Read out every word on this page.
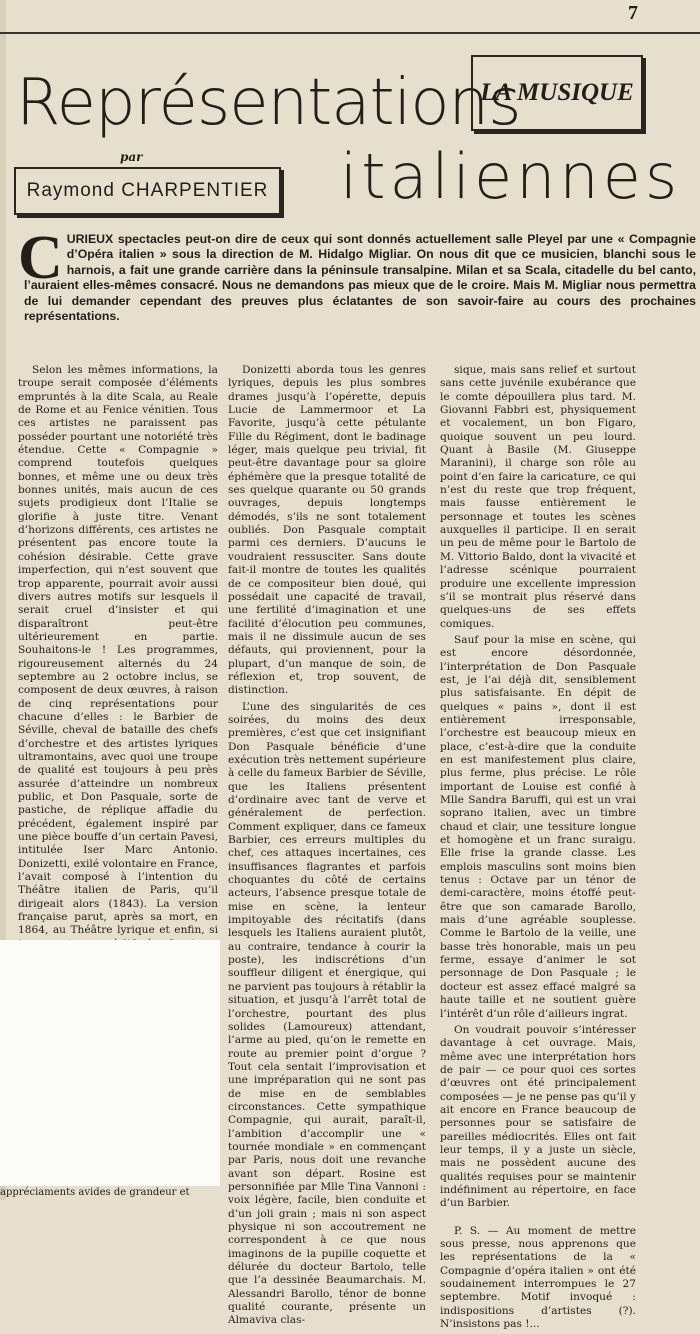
7
Représentations
LA MUSIQUE
par
Raymond CHARPENTIER italiennes

CURIEUX spectacles peut-on dire de ceux qui sont donnés actuellement salle Pleyel par une « Compagnie d’Opéra italien » sous la direction de M. Hidalgo Migliar. On nous dit que ce musicien, blanchi sous le harnois, a fait une grande carrière dans la péninsule transalpine. Milan et sa Scala, citadelle du bel canto, l’auraient elles-mêmes consacré. Nous ne demandons pas mieux que de le croire. Mais M. Migliar nous permettra de lui demander cependant des preuves plus éclatantes de son savoir-faire au cours des prochaines représentations.

Selon les mêmes informations, la troupe serait composée d’éléments empruntés à la dite Scala, au Reale de Rome et au Fenice vénitien. Tous ces artistes ne paraissent pas posséder pourtant une notoriété très étendue. Cette « Compagnie » comprend toutefois quelques bonnes, et même une ou deux très bonnes unités, mais aucun de ces sujets prodigieux dont l’Italie se glorifie à juste titre. Venant d’horizons différents, ces artistes ne présentent pas encore toute la cohésion désirable. Cette grave imperfection, qui n’est souvent que trop apparente, pourrait avoir aussi divers autres motifs sur lesquels il serait cruel d’insister et qui disparaîtront peut-être ultérieurement en partie. Souhaitons-le ! Les programmes, rigoureusement alternés du 24 septembre au 2 octobre inclus, se composent de deux œuvres, à raison de cinq représentations pour chacune d’elles : le Barbier de Séville, cheval de bataille des chefs d’orchestre et des artistes lyriques ultramontains, avec quoi une troupe de qualité est toujours à peu près assurée d’atteindre un nombreux public, et Don Pasquale, sorte de pastiche, de réplique affadie du précédent, également inspiré par une pièce bouffe d’un certain Pavesi, intitulée Iser Marc Antonio. Donizetti, exilé volontaire en France, l’avait composé à l’intention du Théâtre italien de Paris, qu’il dirigeait alors (1843). La version française parut, après sa mort, en 1864, au Théâtre lyrique et enfin, si

Donizetti aborda tous les genres lyriques, depuis les plus sombres drames jusqu’à l’opérette, depuis Lucie de Lammermoor et La Favorite, jusqu’à cette pétulante Fille du Régiment, dont le badinage léger, mais quelque peu trivial, fit peut-être davantage pour sa gloire éphémère que la presque totalité de ses quelque quarante ou 50 grands ouvrages, depuis longtemps démodés, s’ils ne sont totalement oubliés. Don Pasquale comptait parmi ces derniers. D’aucuns le voudraient ressusciter. Sans doute fait-il montre de toutes les qualités de ce compositeur bien doué, qui possédait une capacité de travail, une fertilité d’imagination et une facilité d’élocution peu communes, mais il ne dissimule aucun de ses défauts, qui proviennent, pour la plupart, d’un manque de soin, de réflexion et, trop souvent, de distinction.

L’une des singularités de ces soirées, du moins des deux premières, c’est que cet insignifiant Don Pasquale bénéficie d’une exécution très nettement supérieure à celle du fameux Barbier de Séville, que les Italiens présentent d’ordinaire avec tant de verve et généralement de perfection. Comment expliquer, dans ce fameux Barbier, ces erreurs multiples du chef, ces attaques incertaines, ces insuffisances flagrantes et parfois choquantes du côté de certains acteurs, l’absence presque totale de mise en scène, la lenteur impitoyable des récitatifs (dans lesquels les Italiens auraient plutôt, au contraire, tendance à courir la poste), les indiscrétions d’un souffleur diligent et énergique, qui ne parvient pas toujours à rétablir la situation, et jusqu’à l’arrêt total de l’orchestre, pourtant des plus solides (Lamoureux) attendant, l’arme au pied, qu’on le remette en route au premier point d’orgue ? Tout cela sentait l’improvisation et une impréparation qui ne sont pas de mise en de semblables circonstances. Cette sympathique Compagnie, qui aurait, paraît-il, l’ambition d’accomplir une « tournée mondiale » en commençant par Paris, nous doit une revanche avant son départ. Rosine est personnifiée par Mlle Tina Vannoni : voix légère, facile, bien conduite et d’un joli grain ; mais ni son aspect physique ni son accoutrement ne correspondent à ce que nous imaginons de la pupille coquette et délurée du docteur Bartolo, telle que l’a dessinée Beaumarchais. M. Alessandri Barollo, ténor de bonne qualité courante, présente un Almaviva clas-

sique, mais sans relief et surtout sans cette juvénile exubérance que le comte dépouillera plus tard. M. Giovanni Fabbri est, physiquement et vocalement, un bon Figaro, quoique souvent un peu lourd. Quant à Basile (M. Giuseppe Maranini), il charge son rôle au point d’en faire la caricature, ce qui n’est du reste que trop fréquent, mais fausse entièrement le personnage et toutes les scènes auxquelles il participe. Il en serait un peu de même pour le Bartolo de M. Vittorio Baldo, dont la vivacité et l’adresse scénique pourraient produire une excellente impression s’il se montrait plus réservé dans quelques-uns de ses effets comiques.

Sauf pour la mise en scène, qui est encore désordonnée, l’interprétation de Don Pasquale est, je l’ai déjà dit, sensiblement plus satisfaisante. En dépit de quelques « pains », dont il est entièrement irresponsable, l’orchestre est beaucoup mieux en place, c’est-à-dire que la conduite en est manifestement plus claire, plus ferme, plus précise. Le rôle important de Louise est confié à Mlle Sandra Baruffi, qui est un vrai soprano italien, avec un timbre chaud et clair, une tessiture longue et homogène et un franc suraigu. Elle frise la grande classe. Les emplois masculins sont moins bien tenus : Octave par un ténor de demi-caractère, moins étoffé peut-être que son camarade Barollo, mais d’une agréable souplesse. Comme le Bartolo de la veille, une basse très honorable, mais un peu ferme, essaye d’animer le sot personnage de Don Pasquale ; le docteur est assez effacé malgré sa haute taille et ne soutient guère l’intérêt d’un rôle d’ailleurs ingrat.

On voudrait pouvoir s’intéresser davantage à cet ouvrage. Mais, même avec une interprétation hors de pair — ce pour quoi ces sortes d’œuvres ont été principalement composées — je ne pense pas qu’il y ait encore en France beaucoup de personnes pour se satisfaire de pareilles médiocrités. Elles ont fait leur temps, il y a juste un siècle, mais ne possèdent aucune des qualités requises pour se maintenir indéfiniment au répertoire, en face d’un Barbier.

P. S. — Au moment de mettre sous presse, nous apprenons que les représentations de la « Compagnie d’opéra italien » ont été soudainement interrompues le 27 septembre. Motif invoqué : indispositions d’artistes (?). N’insistons pas !...

appréciaments avides de grandeur et
